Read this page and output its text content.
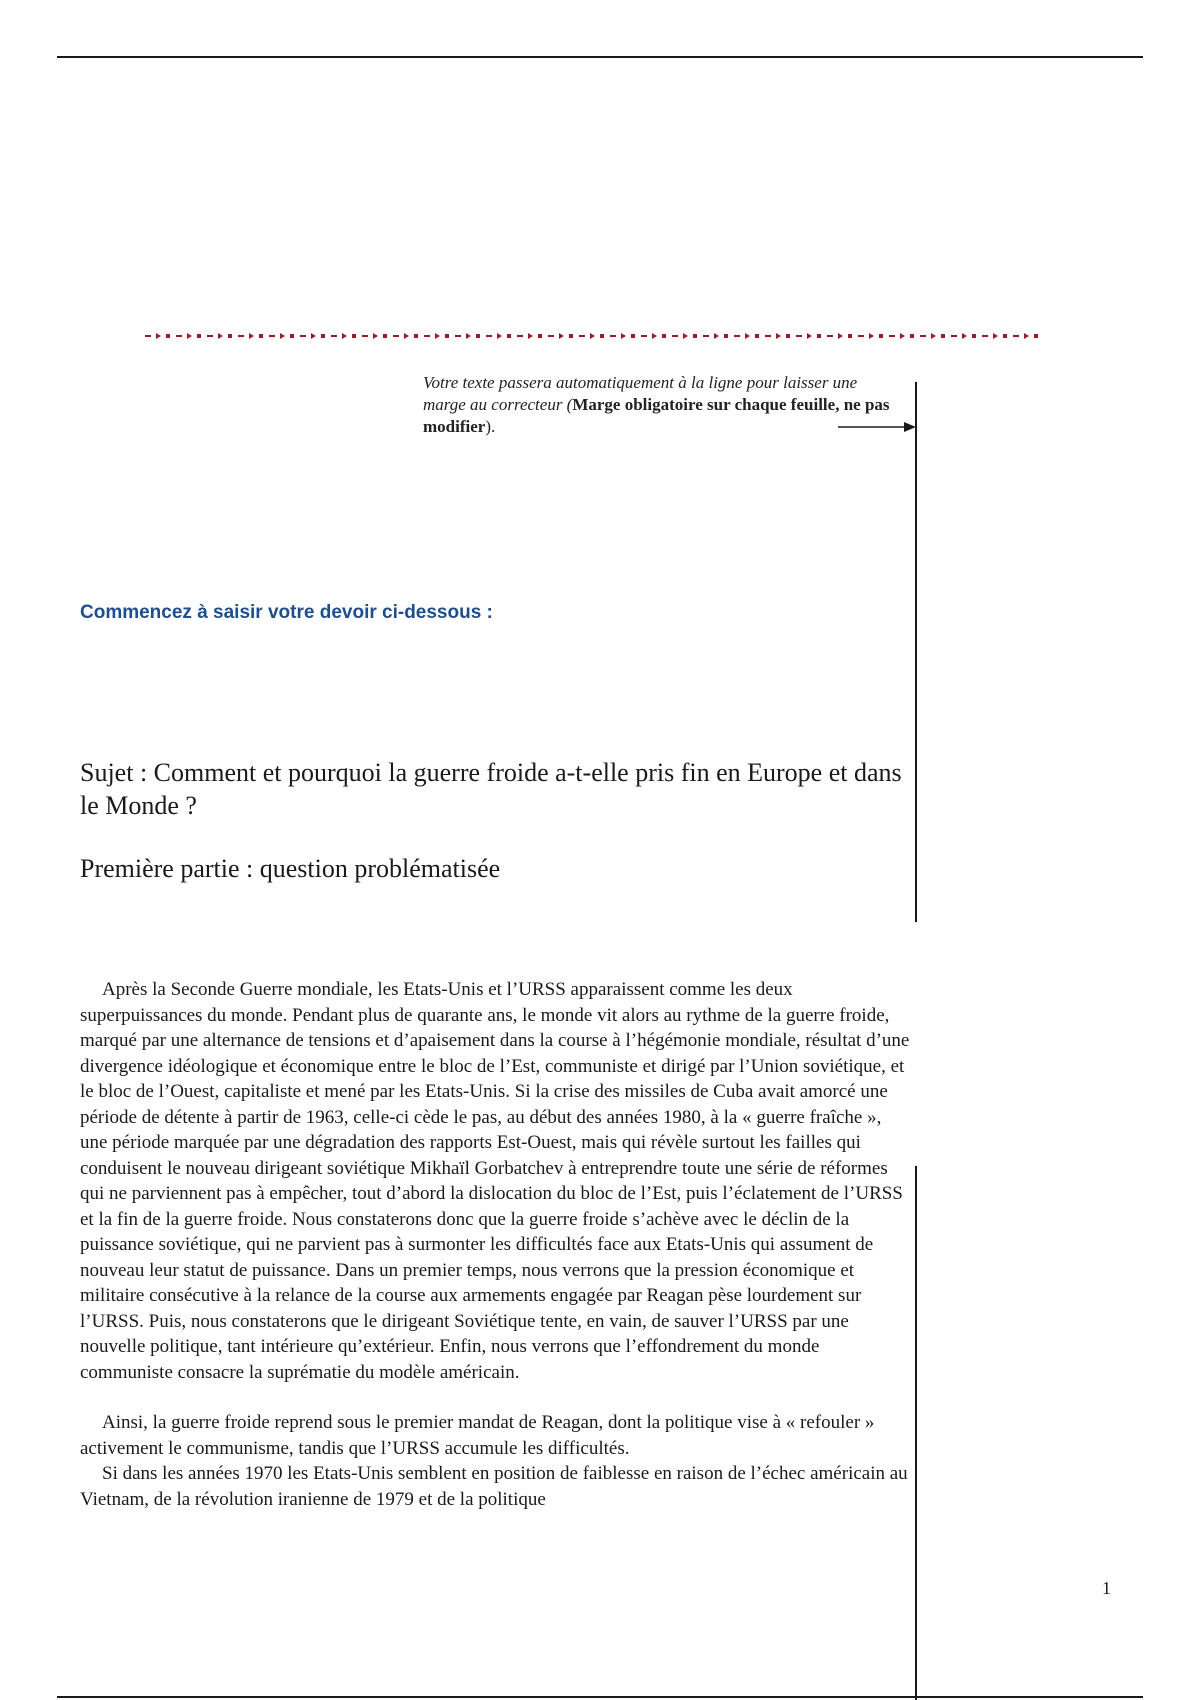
Votre texte passera automatiquement à la ligne pour laisser une marge au correcteur (Marge obligatoire sur chaque feuille, ne pas modifier).
Commencez à saisir votre devoir ci-dessous :
Sujet : Comment et pourquoi la guerre froide a-t-elle pris fin en Europe et dans le Monde ?
Première partie : question problématisée

Après la Seconde Guerre mondiale, les Etats-Unis et l’URSS apparaissent comme les deux superpuissances du monde. Pendant plus de quarante ans, le monde vit alors au rythme de la guerre froide, marqué par une alternance de tensions et d’apaisement dans la course à l’hégémonie mondiale, résultat d’une divergence idéologique et économique entre le bloc de l’Est, communiste et dirigé par l’Union soviétique, et le bloc de l’Ouest, capitaliste et mené par les Etats-Unis. Si la crise des missiles de Cuba avait amorcé une période de détente à partir de 1963, celle-ci cède le pas, au début des années 1980, à la « guerre fraîche », une période marquée par une dégradation des rapports Est-Ouest, mais qui révèle surtout les failles qui conduisent le nouveau dirigeant soviétique Mikhaïl Gorbatchev à entreprendre toute une série de réformes qui ne parviennent pas à empêcher, tout d’abord la dislocation du bloc de l’Est, puis l’éclatement de l’URSS et la fin de la guerre froide. Nous constaterons donc que la guerre froide s’achève avec le déclin de la puissance soviétique, qui ne parvient pas à surmonter les difficultés face aux Etats-Unis qui assument de nouveau leur statut de puissance. Dans un premier temps, nous verrons que la pression économique et militaire consécutive à la relance de la course aux armements engagée par Reagan pèse lourdement sur l’URSS. Puis, nous constaterons que le dirigeant Soviétique tente, en vain, de sauver l’URSS par une nouvelle politique, tant intérieure qu’extérieur. Enfin, nous verrons que l’effondrement du monde communiste consacre la suprématie du modèle américain.

Ainsi, la guerre froide reprend sous le premier mandat de Reagan, dont la politique vise à « refouler » activement le communisme, tandis que l’URSS accumule les difficultés.

Si dans les années 1970 les Etats-Unis semblent en position de faiblesse en raison de l’échec américain au Vietnam, de la révolution iranienne de 1979 et de la politique

1
